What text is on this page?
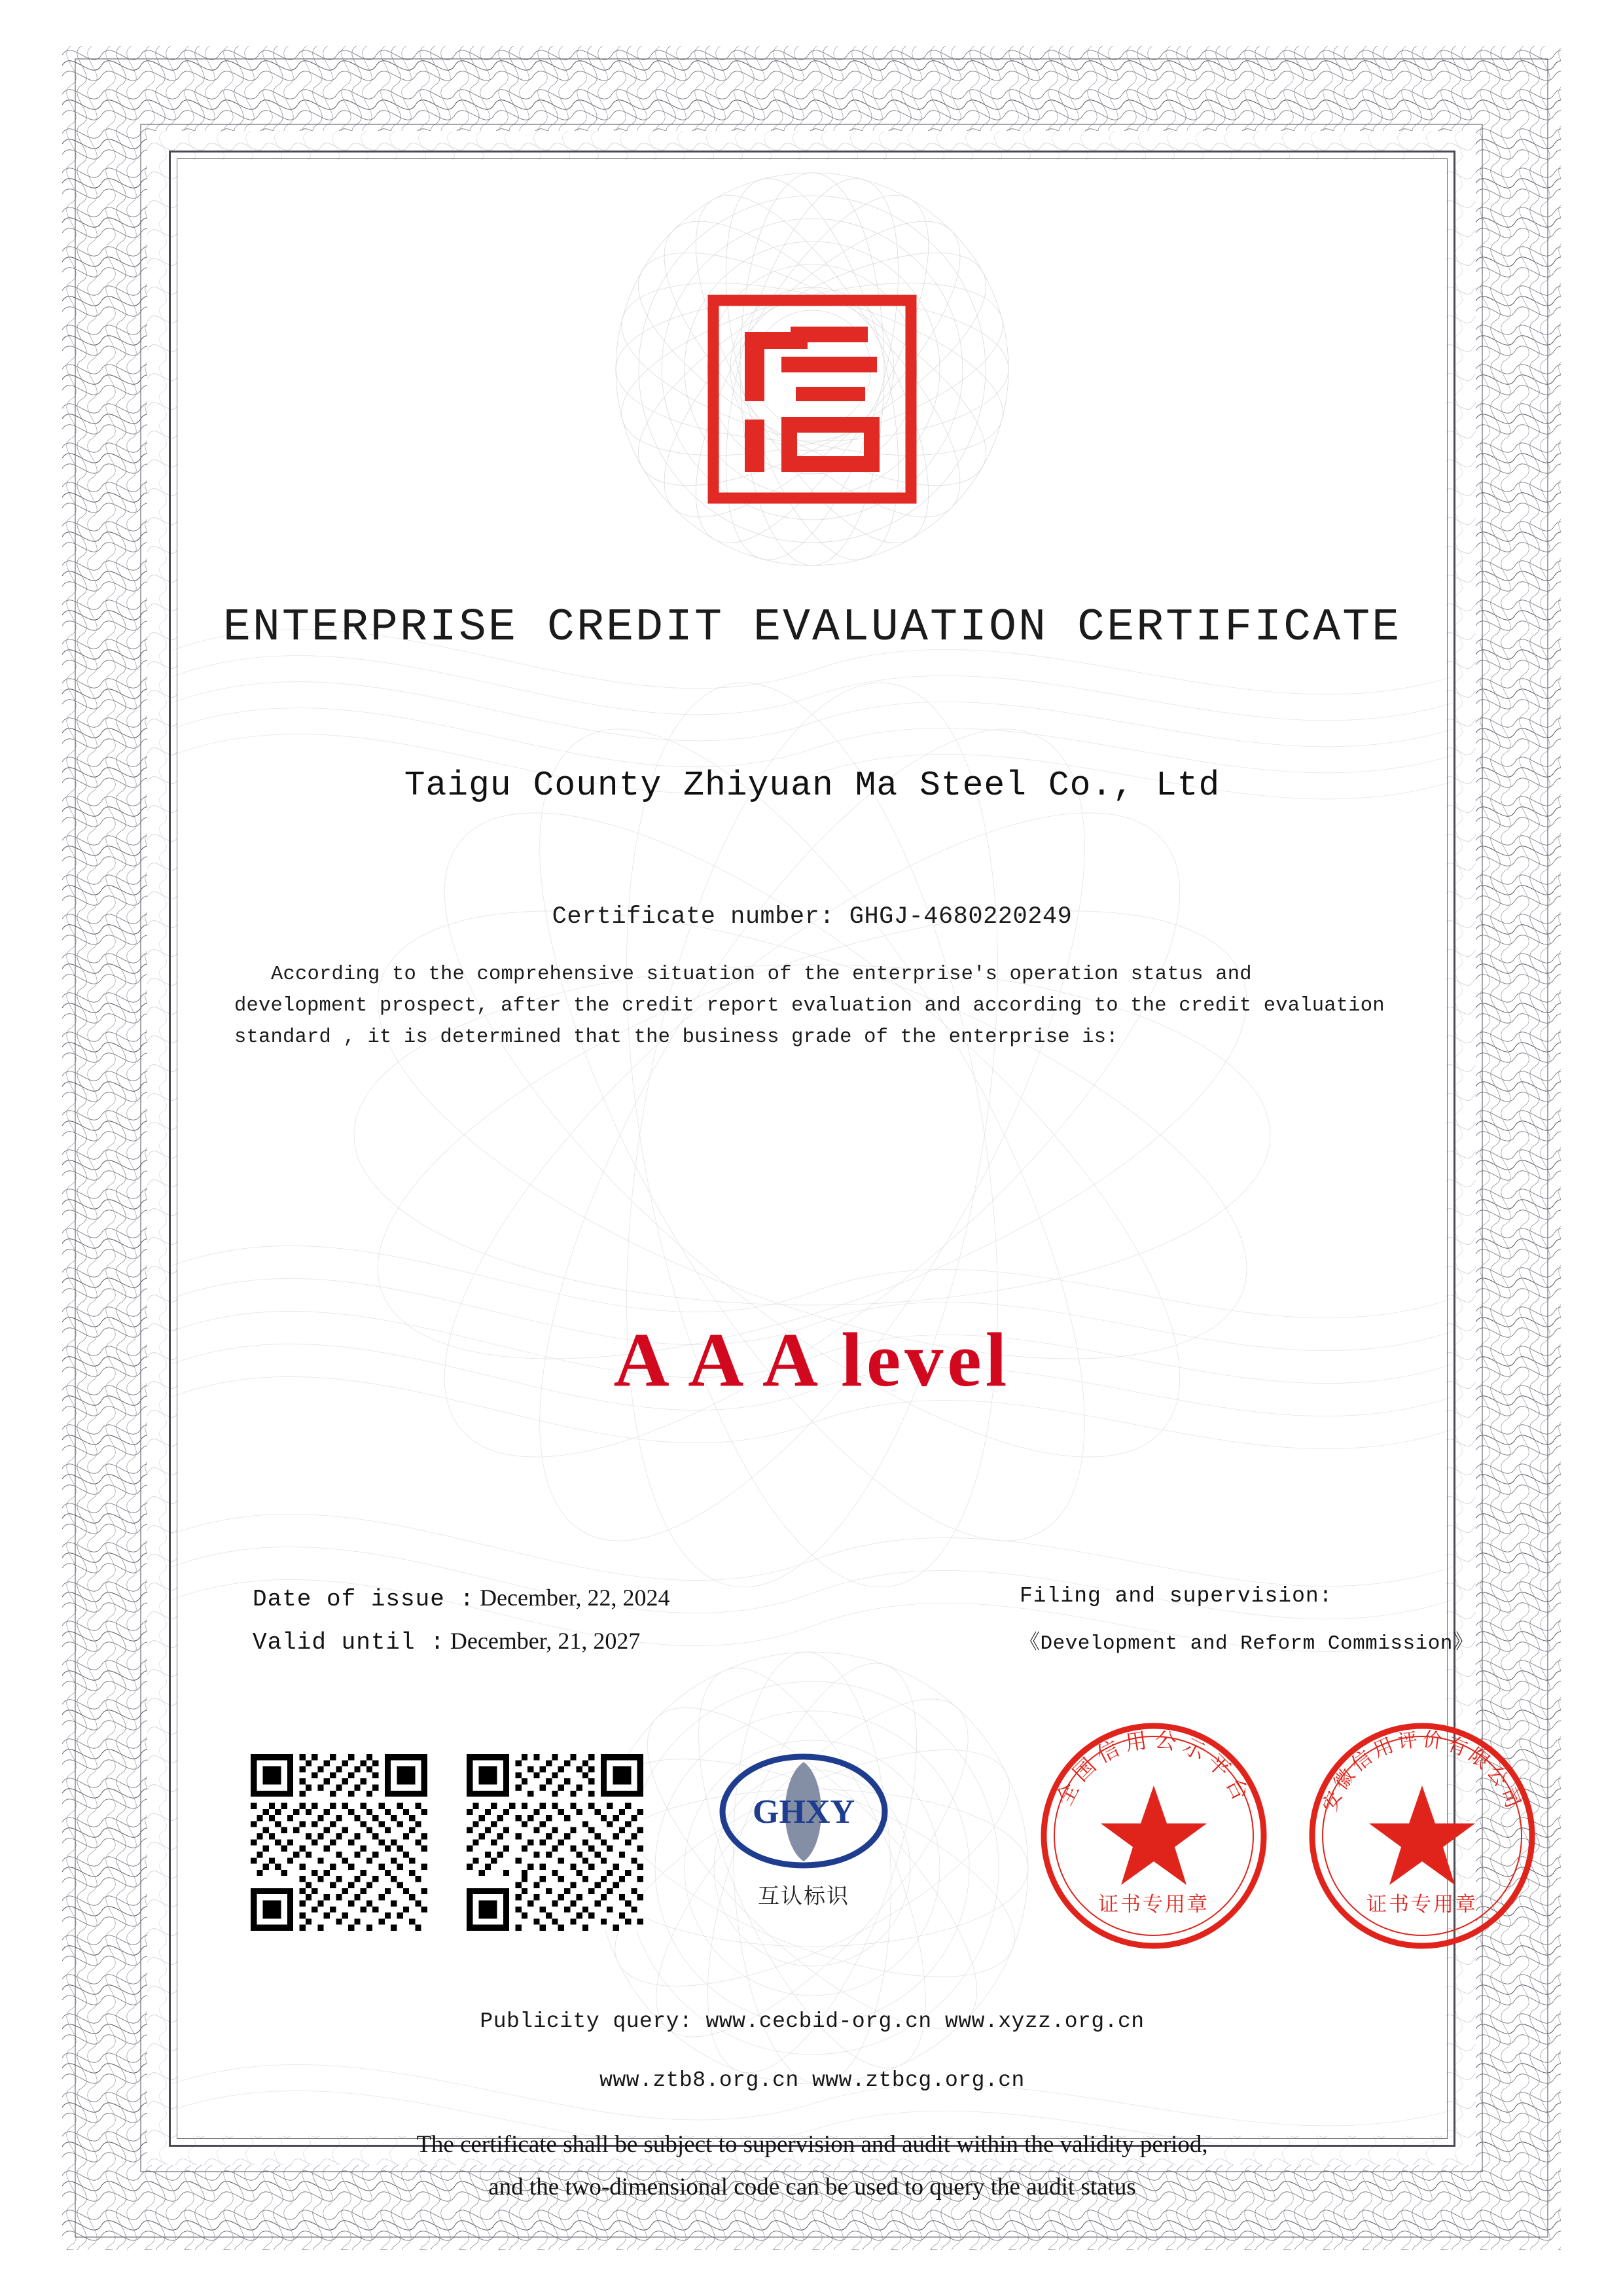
ENTERPRISE CREDIT EVALUATION CERTIFICATE
Taigu County Zhiyuan Ma Steel Co., Ltd
Certificate number: GHGJ-4680220249
According to the comprehensive situation of the enterprise's operation status and development prospect, after the credit report evaluation and according to the credit evaluation standard , it is determined that the business grade of the enterprise is:
A A A level
Date of issue : December, 22, 2024
Valid until : December, 21, 2027
Filing and supervision:
《Development and Reform Commission》
GHXY
互认标识
全国信用公示平台
证书专用章
安徽信用评价有限公司
证书专用章
Publicity query: www.cecbid-org.cn www.xyzz.org.cn
www.ztb8.org.cn www.ztbcg.org.cn
The certificate shall be subject to supervision and audit within the validity period,
and the two-dimensional code can be used to query the audit status
